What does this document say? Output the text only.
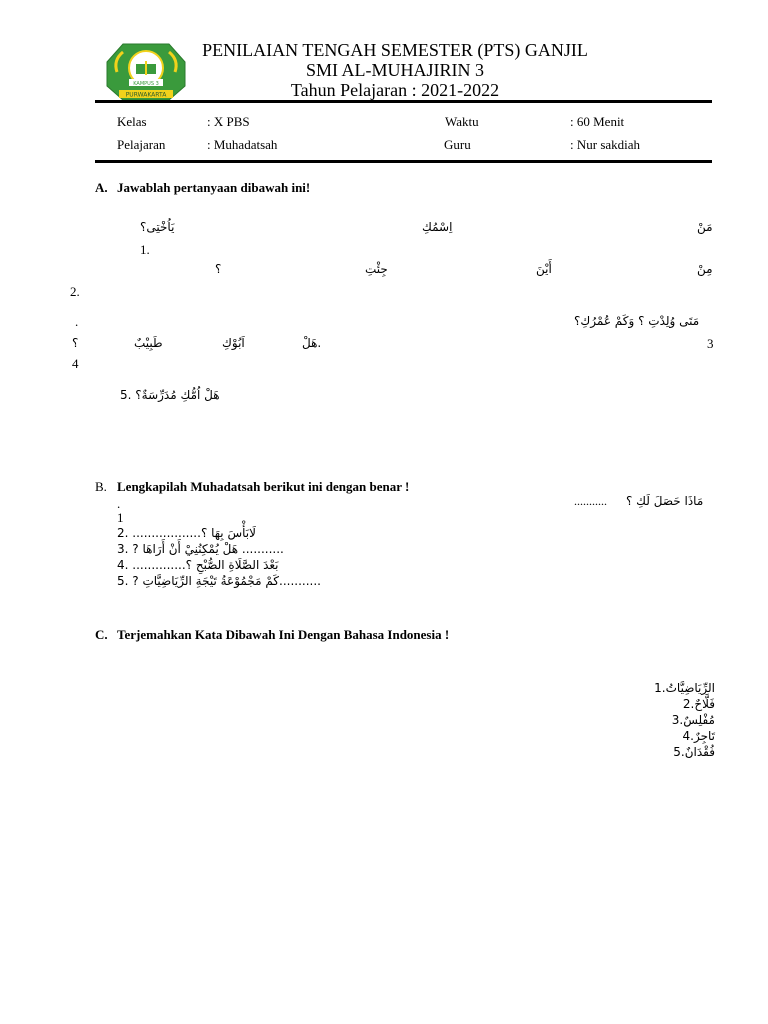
KAMPUS 3
PURWAKARTA
PENILAIAN TENGAH SEMESTER (PTS) GANJIL
SMI AL-MUHAJIRIN 3
Tahun Pelajaran : 2021-2022
Kelas	: X PBS	Waktu	: 60 Menit
Pelajaran	: Muhadatsah	Guru	: Nur sakdiah
A. Jawablah pertanyaan dibawah ini!
مَنْ
اِسْمُكِ
يَاُخْتِى؟
1.
مِنْ
أَيْنَ
جِئْتِ
؟
2.
مَتَى وُلِدْتِ ؟ وَكَمْ عُمْرُكِ؟
.
3
هَلْ.
اَبُوْكِ
طَبِيْبٌ
؟
4
5. هَلْ اُمُّكِ مُدَرِّسَةٌ؟
B. Lengkapilah Muhadatsah berikut ini dengan benar !
........... مَاذَا حَصَلَ لَكِ ؟
.
1
2. ..................لَابَأْسَ بِهَا ؟
3. ? هَلْ يُمْكِنُنِيْ أَنْ أَرَاهَا ...........
4. ..............بَعْدَ الصَّلَاةِ الصُّبْحِ ؟
5. ? كَمْ مَجْمُوْعَةُ تَيْجَةِ الرِّيَاضِيَّاتِ...........
C. Terjemahkan Kata Dibawah Ini Dengan Bahasa Indonesia !
1.الرِّيَاضِيَّاتُ
2.فَلَّاحٌ
3.مُفْلِسٌ
4.تَاجِرٌ
5.فُقْدَانٌ
